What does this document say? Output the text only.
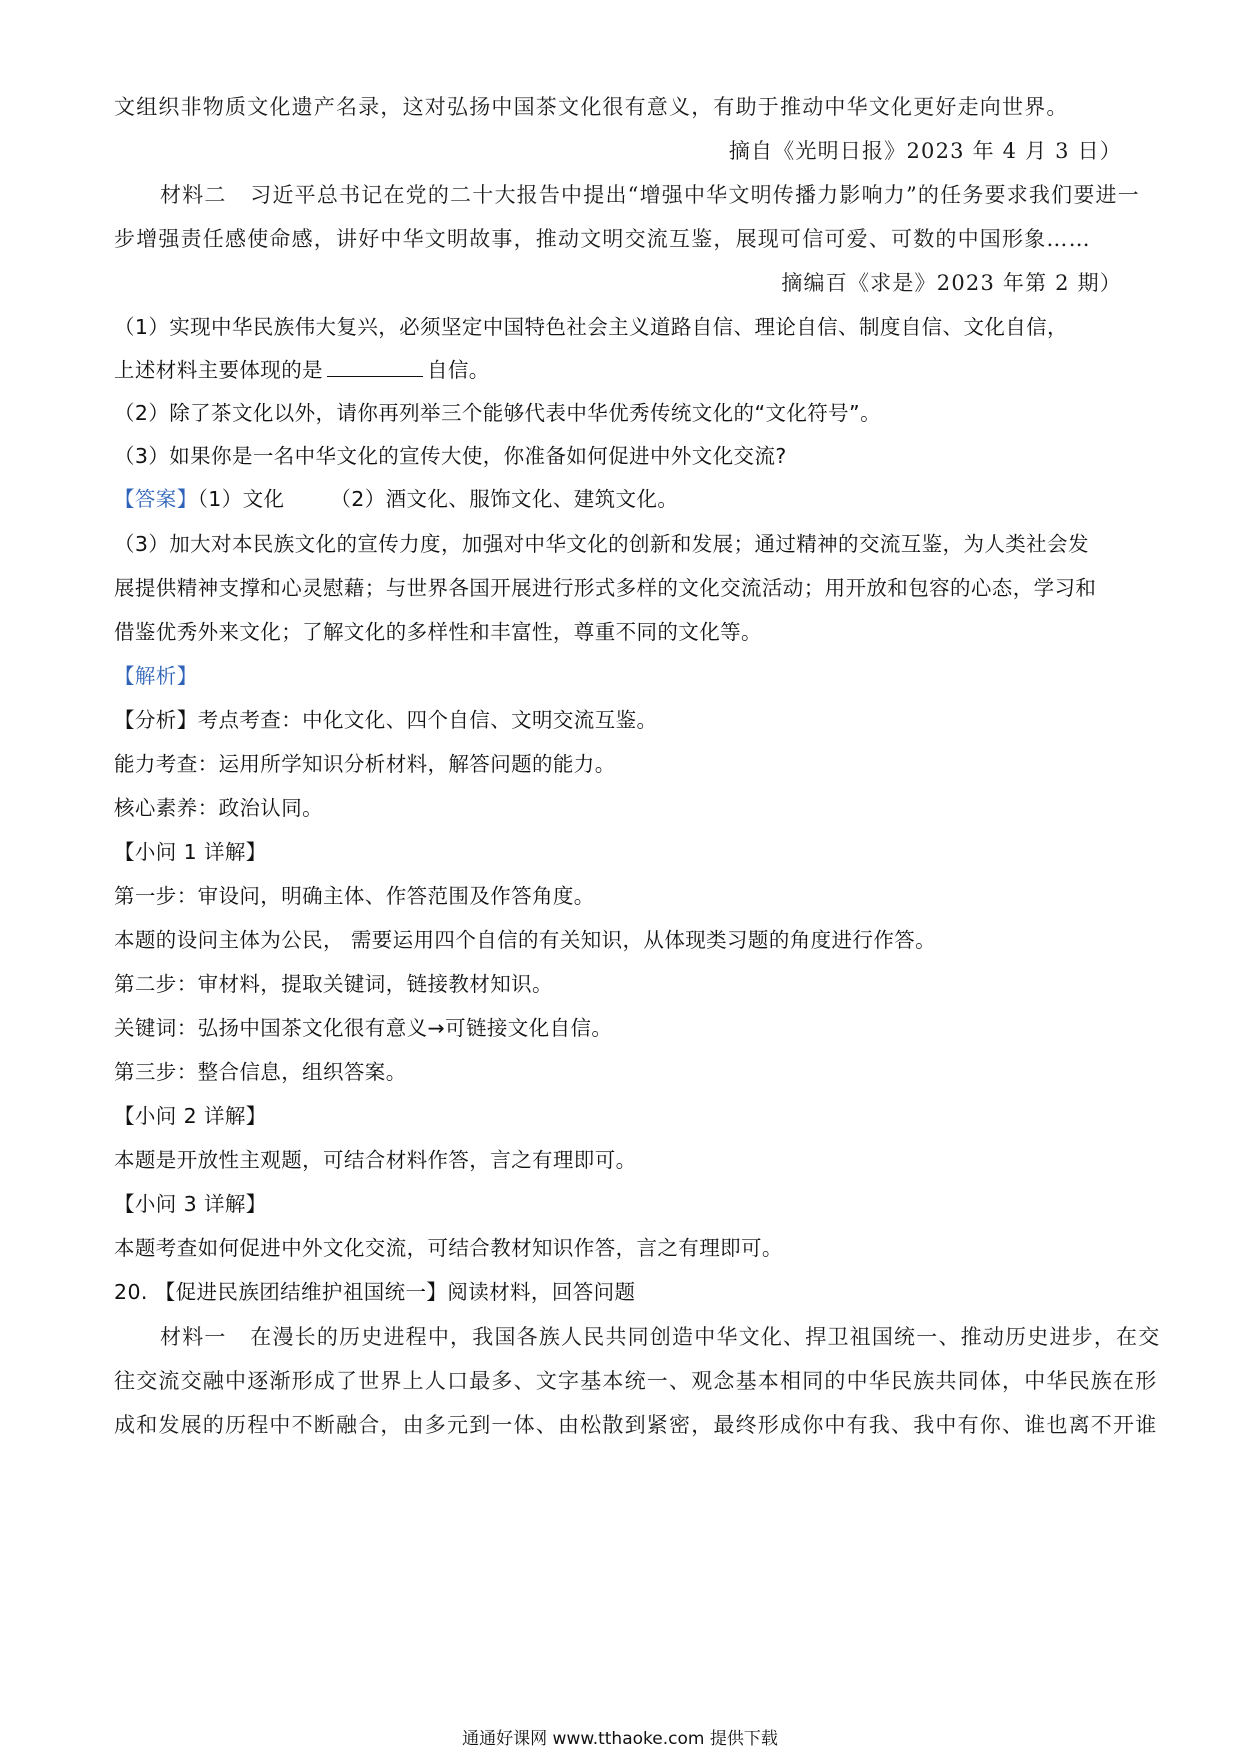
文组织非物质文化遗产名录，这对弘扬中国茶文化很有意义，有助于推动中华文化更好走向世界。
摘自《光明日报》2023 年 4 月 3 日）
材料二 习近平总书记在党的二十大报告中提出“增强中华文明传播力影响力”的任务要求我们要进一
步增强责任感使命感，讲好中华文明故事，推动文明交流互鉴，展现可信可爱、可数的中国形象……
摘编百《求是》2023 年第 2 期）
（1）实现中华民族伟大复兴，必须坚定中国特色社会主义道路自信、理论自信、制度自信、文化自信，
上述材料主要体现的是	自信。
（2）除了茶文化以外，请你再列举三个能够代表中华优秀传统文化的“文化符号”。
（3）如果你是一名中华文化的宣传大使，你准备如何促进中外文化交流?
【答案】（1）文化 （2）酒文化、服饰文化、建筑文化。
（3）加大对本民族文化的宣传力度，加强对中华文化的创新和发展；通过精神的交流互鉴，为人类社会发
展提供精神支撑和心灵慰藉；与世界各国开展进行形式多样的文化交流活动；用开放和包容的心态，学习和
借鉴优秀外来文化；了解文化的多样性和丰富性，尊重不同的文化等。
【解析】
【分析】考点考查：中化文化、四个自信、文明交流互鉴。
能力考查：运用所学知识分析材料，解答问题的能力。
核心素养：政治认同。
【小问 1 详解】
第一步：审设问，明确主体、作答范围及作答角度。
本题的设问主体为公民， 需要运用四个自信的有关知识，从体现类习题的角度进行作答。
第二步：审材料，提取关键词，链接教材知识。
关键词：弘扬中国茶文化很有意义→可链接文化自信。
第三步：整合信息，组织答案。
【小问 2 详解】
本题是开放性主观题，可结合材料作答，言之有理即可。
【小问 3 详解】
本题考查如何促进中外文化交流，可结合教材知识作答，言之有理即可。
20. 【促进民族团结维护祖国统一】阅读材料，回答问题
材料一 在漫长的历史进程中，我国各族人民共同创造中华文化、捍卫祖国统一、推动历史进步，在交
往交流交融中逐渐形成了世界上人口最多、文字基本统一、观念基本相同的中华民族共同体，中华民族在形
成和发展的历程中不断融合，由多元到一体、由松散到紧密，最终形成你中有我、我中有你、谁也离不开谁
通通好课网 www.tthaoke.com 提供下载
